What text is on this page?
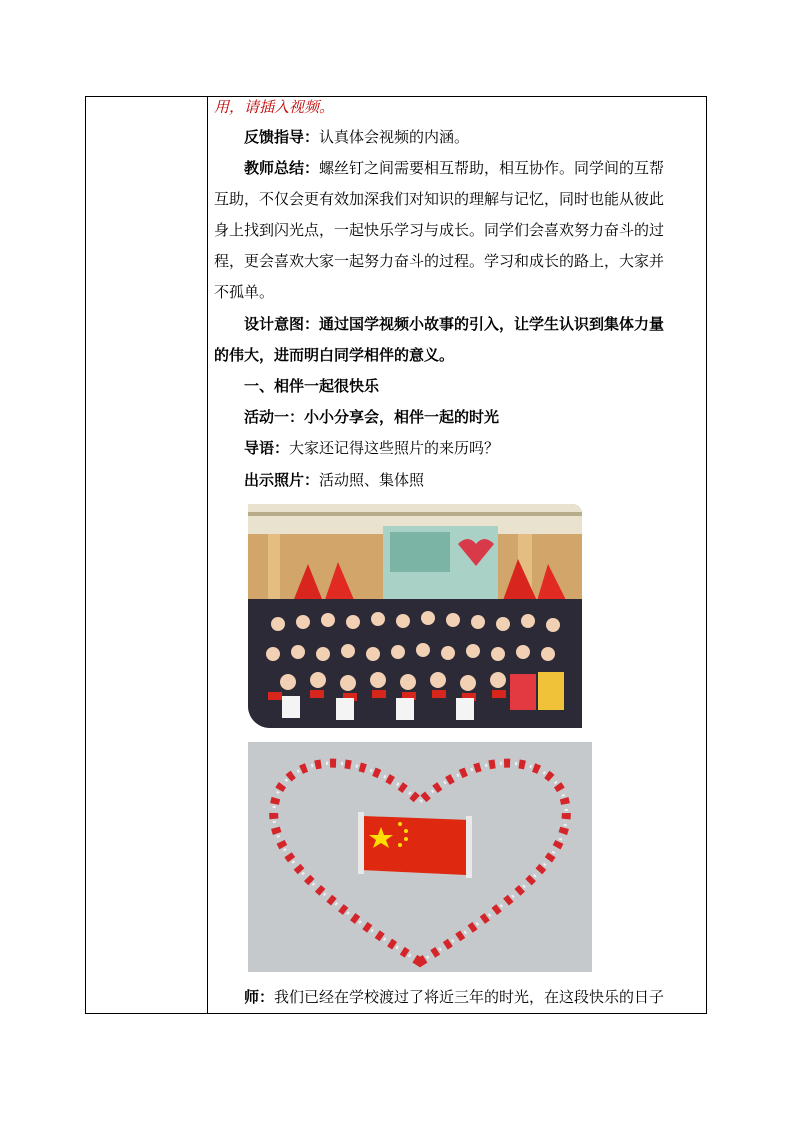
用，请插入视频。
反馈指导：认真体会视频的内涵。
教师总结：螺丝钉之间需要相互帮助，相互协作。同学间的互帮
互助，不仅会更有效加深我们对知识的理解与记忆，同时也能从彼此
身上找到闪光点，一起快乐学习与成长。同学们会喜欢努力奋斗的过
程，更会喜欢大家一起努力奋斗的过程。学习和成长的路上，大家并
不孤单。
设计意图：通过国学视频小故事的引入，让学生认识到集体力量
的伟大，进而明白同学相伴的意义。
一、相伴一起很快乐
活动一：小小分享会，相伴一起的时光
导语：大家还记得这些照片的来历吗？
出示照片：活动照、集体照
师：我们已经在学校渡过了将近三年的时光，在这段快乐的日子
